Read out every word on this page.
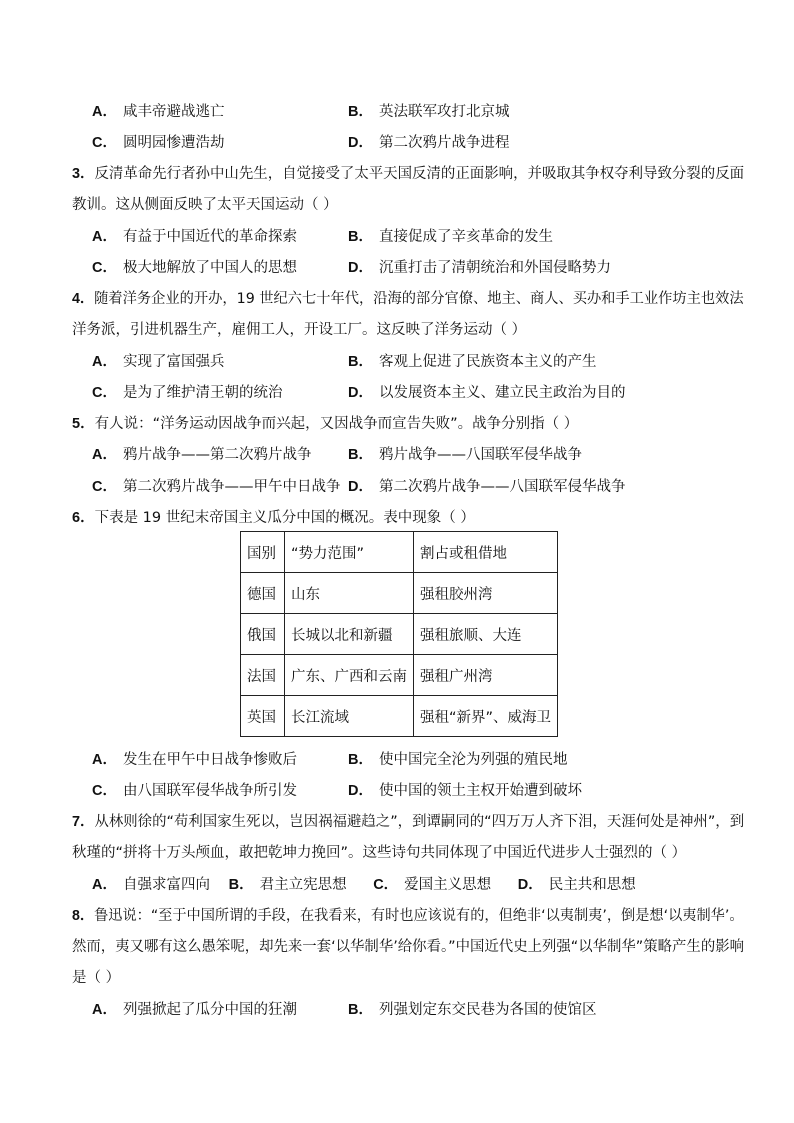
A． 咸丰帝避战逃亡	B． 英法联军攻打北京城
C． 圆明园惨遭浩劫	D． 第二次鸦片战争进程
3．反清革命先行者孙中山先生，自觉接受了太平天国反清的正面影响，并吸取其争权夺利导致分裂的反面
教训。这从侧面反映了太平天国运动（ ）
A． 有益于中国近代的革命探索	B． 直接促成了辛亥革命的发生
C． 极大地解放了中国人的思想	D． 沉重打击了清朝统治和外国侵略势力
4．随着洋务企业的开办，19 世纪六七十年代，沿海的部分官僚、地主、商人、买办和手工业作坊主也效法
洋务派，引进机器生产，雇佣工人，开设工厂。这反映了洋务运动（ ）
A． 实现了富国强兵	B． 客观上促进了民族资本主义的产生
C． 是为了维护清王朝的统治	D． 以发展资本主义、建立民主政治为目的
5．有人说：“洋务运动因战争而兴起，又因战争而宣告失败”。战争分别指（ ）
A． 鸦片战争——第二次鸦片战争	B． 鸦片战争——八国联军侵华战争
C． 第二次鸦片战争——甲午中日战争 D． 第二次鸦片战争——八国联军侵华战争
6．下表是 19 世纪末帝国主义瓜分中国的概况。表中现象（ ）
国别	“势力范围”	割占或租借地
德国	山东	强租胶州湾
俄国	长城以北和新疆	强租旅顺、大连
法国	广东、广西和云南	强租广州湾
英国	长江流域	强租“新界”、威海卫
A． 发生在甲午中日战争惨败后	B． 使中国完全沦为列强的殖民地
C． 由八国联军侵华战争所引发	D． 使中国的领土主权开始遭到破坏
7．从林则徐的“苟利国家生死以，岂因祸福避趋之”，到谭嗣同的“四万万人齐下泪，天涯何处是神州”，到
秋瑾的“拼将十万头颅血，敢把乾坤力挽回”。这些诗句共同体现了中国近代进步人士强烈的（ ）
A． 自强求富四向 B． 君主立宪思想 C． 爱国主义思想 D． 民主共和思想
8．鲁迅说：“至于中国所谓的手段，在我看来，有时也应该说有的，但绝非‘以夷制夷’，倒是想‘以夷制华’。
然而，夷又哪有这么愚笨呢，却先来一套‘以华制华’给你看。”中国近代史上列强“以华制华”策略产生的影响
是（ ）
A． 列强掀起了瓜分中国的狂潮	B． 列强划定东交民巷为各国的使馆区
